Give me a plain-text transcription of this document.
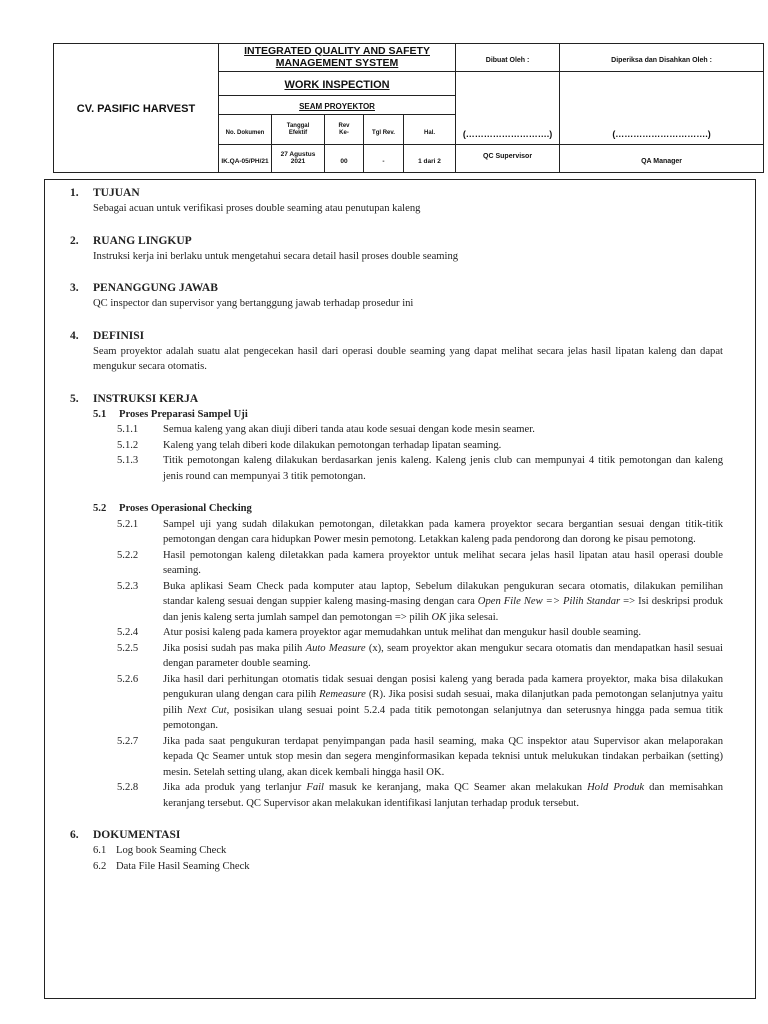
CV. PASIFIC HARVEST	INTEGRATED QUALITY AND SAFETY MANAGEMENT SYSTEM					Dibuat Oleh :	Diperiksa dan Disahkan Oleh :
	WORK INSPECTION					(……………………….)	(………………………….)

	SEAM PROYEKTOR						
	No. Dokumen	Tanggal Efektif	Rev Ke-	Tgl Rev.	Hal.		
	IK.QA-05/PH/21	27 Agustus 2021	00	-	1 dari 2	QC Supervisor	QA Manager
1.	TUJUAN
Sebagai acuan untuk verifikasi proses double seaming atau penutupan kaleng
2.	RUANG LINGKUP
Instruksi kerja ini berlaku untuk mengetahui secara detail hasil proses double seaming
3.	PENANGGUNG JAWAB
QC inspector dan supervisor yang bertanggung jawab terhadap prosedur ini
4.	DEFINISI
Seam proyektor adalah suatu alat pengecekan hasil dari operasi double seaming yang dapat melihat secara jelas hasil lipatan kaleng dan dapat mengukur secara otomatis.
5.	INSTRUKSI KERJA
5.1	Proses Preparasi Sampel Uji
5.1.1	Semua kaleng yang akan diuji diberi tanda atau kode sesuai dengan kode mesin seamer.
5.1.2	Kaleng yang telah diberi kode dilakukan pemotongan terhadap lipatan seaming.
5.1.3	Titik pemotongan kaleng dilakukan berdasarkan jenis kaleng. Kaleng jenis club can mempunyai 4 titik pemotongan dan kaleng jenis round can mempunyai 3 titik pemotongan.
5.2	Proses Operasional Checking
5.2.1	Sampel uji yang sudah dilakukan pemotongan, diletakkan pada kamera proyektor secara bergantian sesuai dengan titik-titik pemotongan dengan cara hidupkan Power mesin pemotong. Letakkan kaleng pada pendorong dan dorong ke pisau pemotong.
5.2.2	Hasil pemotongan kaleng diletakkan pada kamera proyektor untuk melihat secara jelas hasil lipatan atau hasil operasi double seaming.
5.2.3	Buka aplikasi Seam Check pada komputer atau laptop, Sebelum dilakukan pengukuran secara otomatis, dilakukan pemilihan standar kaleng sesuai dengan suppier kaleng masing-masing dengan cara Open File New => Pilih Standar => Isi deskripsi produk dan jenis kaleng serta jumlah sampel dan pemotongan => pilih OK jika selesai.
5.2.4	Atur posisi kaleng pada kamera proyektor agar memudahkan untuk melihat dan mengukur hasil double seaming.
5.2.5	Jika posisi sudah pas maka pilih Auto Measure (x), seam proyektor akan mengukur secara otomatis dan mendapatkan hasil sesuai dengan parameter double seaming.
5.2.6	Jika hasil dari perhitungan otomatis tidak sesuai dengan posisi kaleng yang berada pada kamera proyektor, maka bisa dilakukan pengukuran ulang dengan cara pilih Remeasure (R). Jika posisi sudah sesuai, maka dilanjutkan pada pemotongan selanjutnya yaitu pilih Next Cut, posisikan ulang sesuai point 5.2.4 pada titik pemotongan selanjutnya dan seterusnya hingga pada semua titik pemotongan.
5.2.7	Jika pada saat pengukuran terdapat penyimpangan pada hasil seaming, maka QC inspektor atau Supervisor akan melaporakan kepada Qc Seamer untuk stop mesin dan segera menginformasikan kepada teknisi untuk melukukan tindakan perbaikan (setting) mesin. Setelah setting ulang, akan dicek kembali hingga hasil OK.
5.2.8	Jika ada produk yang terlanjur Fail masuk ke keranjang, maka QC Seamer akan melakukan Hold Produk dan memisahkan keranjang tersebut. QC Supervisor akan melakukan identifikasi lanjutan terhadap produk tersebut.
6.	DOKUMENTASI
6.1 Log book Seaming Check
6.2 Data File Hasil Seaming Check
